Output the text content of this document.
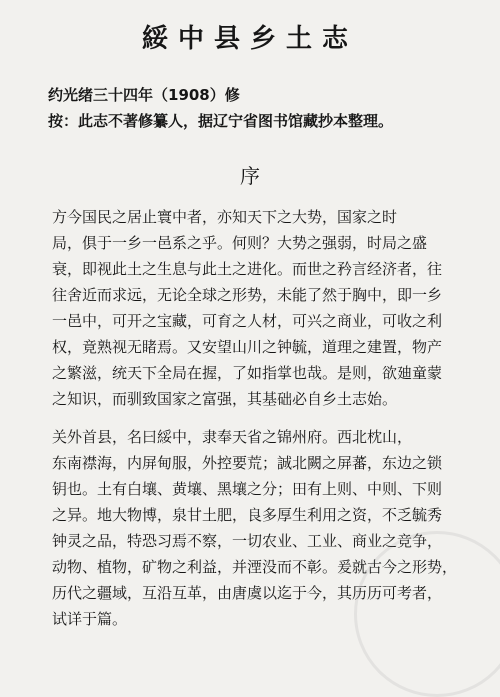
綏中县乡土志
约光绪三十四年（1908）修
按：此志不著修纂人，据辽宁省图书馆藏抄本整理。
序
方今国民之居止寰中者，亦知天下之大势，国家之时
局，俱于一乡一邑系之乎。何则？大势之强弱，时局之盛
衰，即视此土之生息与此土之进化。而世之矜言经济者，往
往舍近而求远，无论全球之形势，未能了然于胸中，即一乡
一邑中，可开之宝藏，可育之人材，可兴之商业，可收之利
权，竟熟视无睹焉。又安望山川之钟毓，道理之建置，物产
之繁滋，统天下全局在握，了如指掌也哉。是则，欲廸童蒙
之知识，而驯致国家之富强，其基础必自乡土志始。
关外首县，名曰綏中，隶奉天省之锦州府。西北枕山，
东南襟海，内屏甸服，外控要荒；誠北闕之屏蕃，东边之锁
钥也。土有白壤、黄壤、黑壤之分；田有上则、中则、下则
之异。地大物博，泉甘土肥，良多厚生利用之资，不乏毓秀
钟灵之品，特恐习焉不察，一切农业、工业、商业之竞争，
动物、植物，矿物之利益，并湮没而不彰。爰就古今之形势，
历代之疆域，互沿互革，由唐虞以迄于今，其历历可考者，
试详于篇。
